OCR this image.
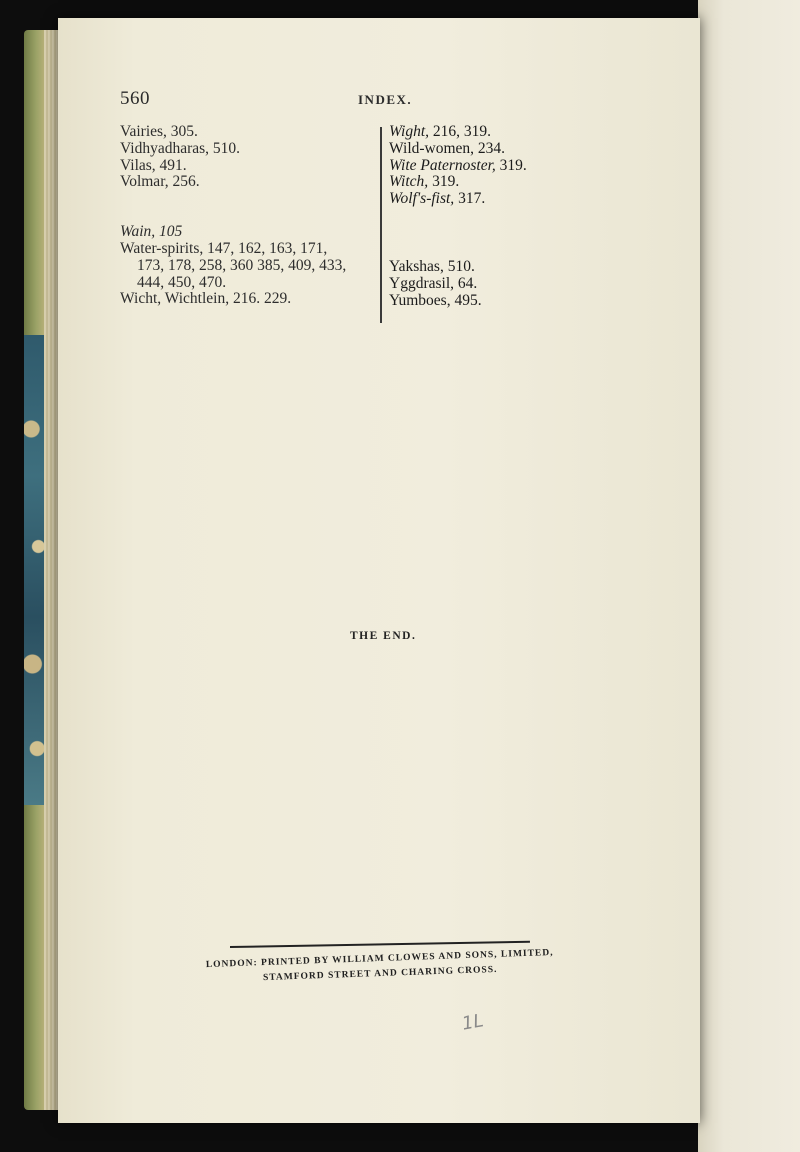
560	INDEX.
Vairies, 305.
Vidhyadharas, 510.
Vilas, 491.
Volmar, 256.
Wain, 105
Water-spirits, 147, 162, 163, 171,
173, 178, 258, 360 385, 409, 433,
444, 450, 470.
Wicht, Wichtlein, 216. 229.
Wight, 216, 319.
Wild-women, 234.
Wite Paternoster, 319.
Witch, 319.
Wolf's-fist, 317.
Yakshas, 510.
Yggdrasil, 64.
Yumboes, 495.
THE END.
LONDON: PRINTED BY WILLIAM CLOWES AND SONS, LIMITED,
STAMFORD STREET AND CHARING CROSS.
1L
